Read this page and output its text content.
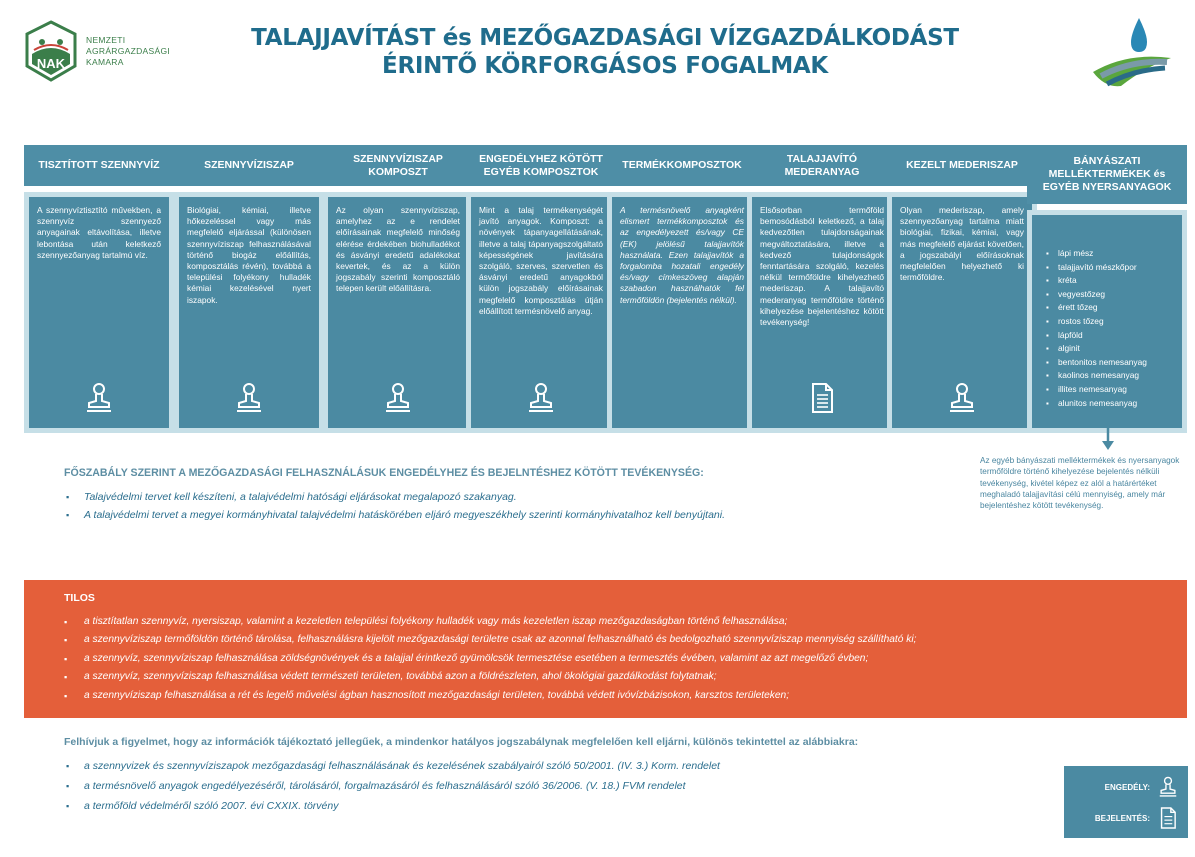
NAK
NEMZETI
AGRÁRGAZDASÁGI
KAMARA
TALAJJAVÍTÁST és MEZŐGAZDASÁGI VÍZGAZDÁLKODÁST
ÉRINTŐ KÖRFORGÁSOS FOGALMAK
TISZTÍTOTT SZENNYVÍZ
A szennyvíztisztító művekben, a szennyvíz szennyező anyagainak eltávolítása, illetve lebontása után keletkező szennyezőanyag tartalmú víz.
SZENNYVÍZISZAP
Biológiai, kémiai, illetve hőkezeléssel vagy más megfelelő eljárással (különösen szennyvíziszap felhasználásával történő biogáz előállítás, komposztálás révén), továbbá a települési folyékony hulladék kémiai kezelésével nyert iszapok.
SZENNYVÍZISZAP KOMPOSZT
Az olyan szennyvíziszap, amelyhez az e rendelet előírásainak megfelelő minőség elérése érdekében biohulladékot és ásványi eredetű adalékokat kevertek, és az a külön jogszabály szerinti komposztáló telepen került előállításra.
ENGEDÉLYHEZ KÖTÖTT EGYÉB KOMPOSZTOK
Mint a talaj termékenységét javító anyagok. Komposzt: a növények tápanyagellátásának, illetve a talaj tápanyagszolgáltató képességének javítására szolgáló, szerves, szervetlen és ásványi eredetű anyagokból külön jogszabály előírásainak megfelelő komposztálás útján előállított termésnövelő anyag.
TERMÉKKOMPOSZTOK
A termésnövelő anyagként elismert termékkomposztok és az engedélyezett és/vagy CE (EK) jelölésű talajjavítók használata. Ezen talajjavítók a forgalomba hozatali engedély és/vagy címkeszöveg alapján szabadon használhatók fel termőföldön (bejelentés nélkül).
TALAJJAVÍTÓ MEDERANYAG
Elsősorban termőföld bemosódásból keletkező, a talaj kedvezőtlen tulajdonságainak megváltoztatására, illetve a kedvező tulajdonságok fenntartására szolgáló, kezelés nélkül termőföldre kihelyezhető mederiszap. A talajjavító mederanyag termőföldre történő kihelyezése bejelentéshez kötött tevékenység!
KEZELT MEDERISZAP
Olyan mederiszap, amely szennyezőanyag tartalma miatt biológiai, fizikai, kémiai, vagy más megfelelő eljárást követően, a jogszabályi előírásoknak megfelelően helyezhető ki termőföldre.
BÁNYÁSZATI MELLÉKTERMÉKEK és EGYÉB NYERSANYAGOK
▪ lápi mész
▪ talajjavító mészkőpor
▪ kréta
▪ vegyestőzeg
▪ érett tőzeg
▪ rostos tőzeg
▪ lápföld
▪ alginit
▪ bentonitos nemesanyag
▪ kaolinos nemesanyag
▪ illites nemesanyag
▪ alunitos nemesanyag
Az egyéb bányászati melléktermékek és nyersanyagok termőföldre történő kihelyezése bejelentés nélküli tevékenység, kivétel képez ez alól a határértéket meghaladó talajjavítási célú mennyiség, amely már bejelentéshez kötött tevékenység.
FŐSZABÁLY SZERINT A MEZŐGAZDASÁGI FELHASZNÁLÁSUK ENGEDÉLYHEZ ÉS BEJELNTÉSHEZ KÖTÖTT TEVÉKENYSÉG:
▪ Talajvédelmi tervet kell készíteni, a talajvédelmi hatósági eljárásokat megalapozó szakanyag.
▪ A talajvédelmi tervet a megyei kormányhivatal talajvédelmi hatáskörében eljáró megyeszékhely szerinti kormányhivatalhoz kell benyújtani.
TILOS
▪ a tisztítatlan szennyvíz, nyersiszap, valamint a kezeletlen települési folyékony hulladék vagy más kezeletlen iszap mezőgazdaságban történő felhasználása;
▪ a szennyvíziszap termőföldön történő tárolása, felhasználásra kijelölt mezőgazdasági területre csak az azonnal felhasználható és bedolgozható szennyvíziszap mennyiség szállítható ki;
▪ a szennyvíz, szennyvíziszap felhasználása zöldségnövények és a talajjal érintkező gyümölcsök termesztése esetében a termesztés évében, valamint az azt megelőző évben;
▪ a szennyvíz, szennyvíziszap felhasználása védett természeti területen, továbbá azon a földrészleten, ahol ökológiai gazdálkodást folytatnak;
▪ a szennyvíziszap felhasználása a rét és legelő művelési ágban hasznosított mezőgazdasági területen, továbbá védett ivóvízbázisokon, karsztos területeken;
Felhívjuk a figyelmet, hogy az információk tájékoztató jellegűek, a mindenkor hatályos jogszabálynak megfelelően kell eljárni, különös tekintettel az alábbiakra:
▪ a szennyvizek és szennyvíziszapok mezőgazdasági felhasználásának és kezelésének szabályairól szóló 50/2001. (IV. 3.) Korm. rendelet
▪ a termésnövelő anyagok engedélyezéséről, tárolásáról, forgalmazásáról és felhasználásáról szóló 36/2006. (V. 18.) FVM rendelet
▪ a termőföld védelméről szóló 2007. évi CXXIX. törvény
ENGEDÉLY:
BEJELENTÉS:
